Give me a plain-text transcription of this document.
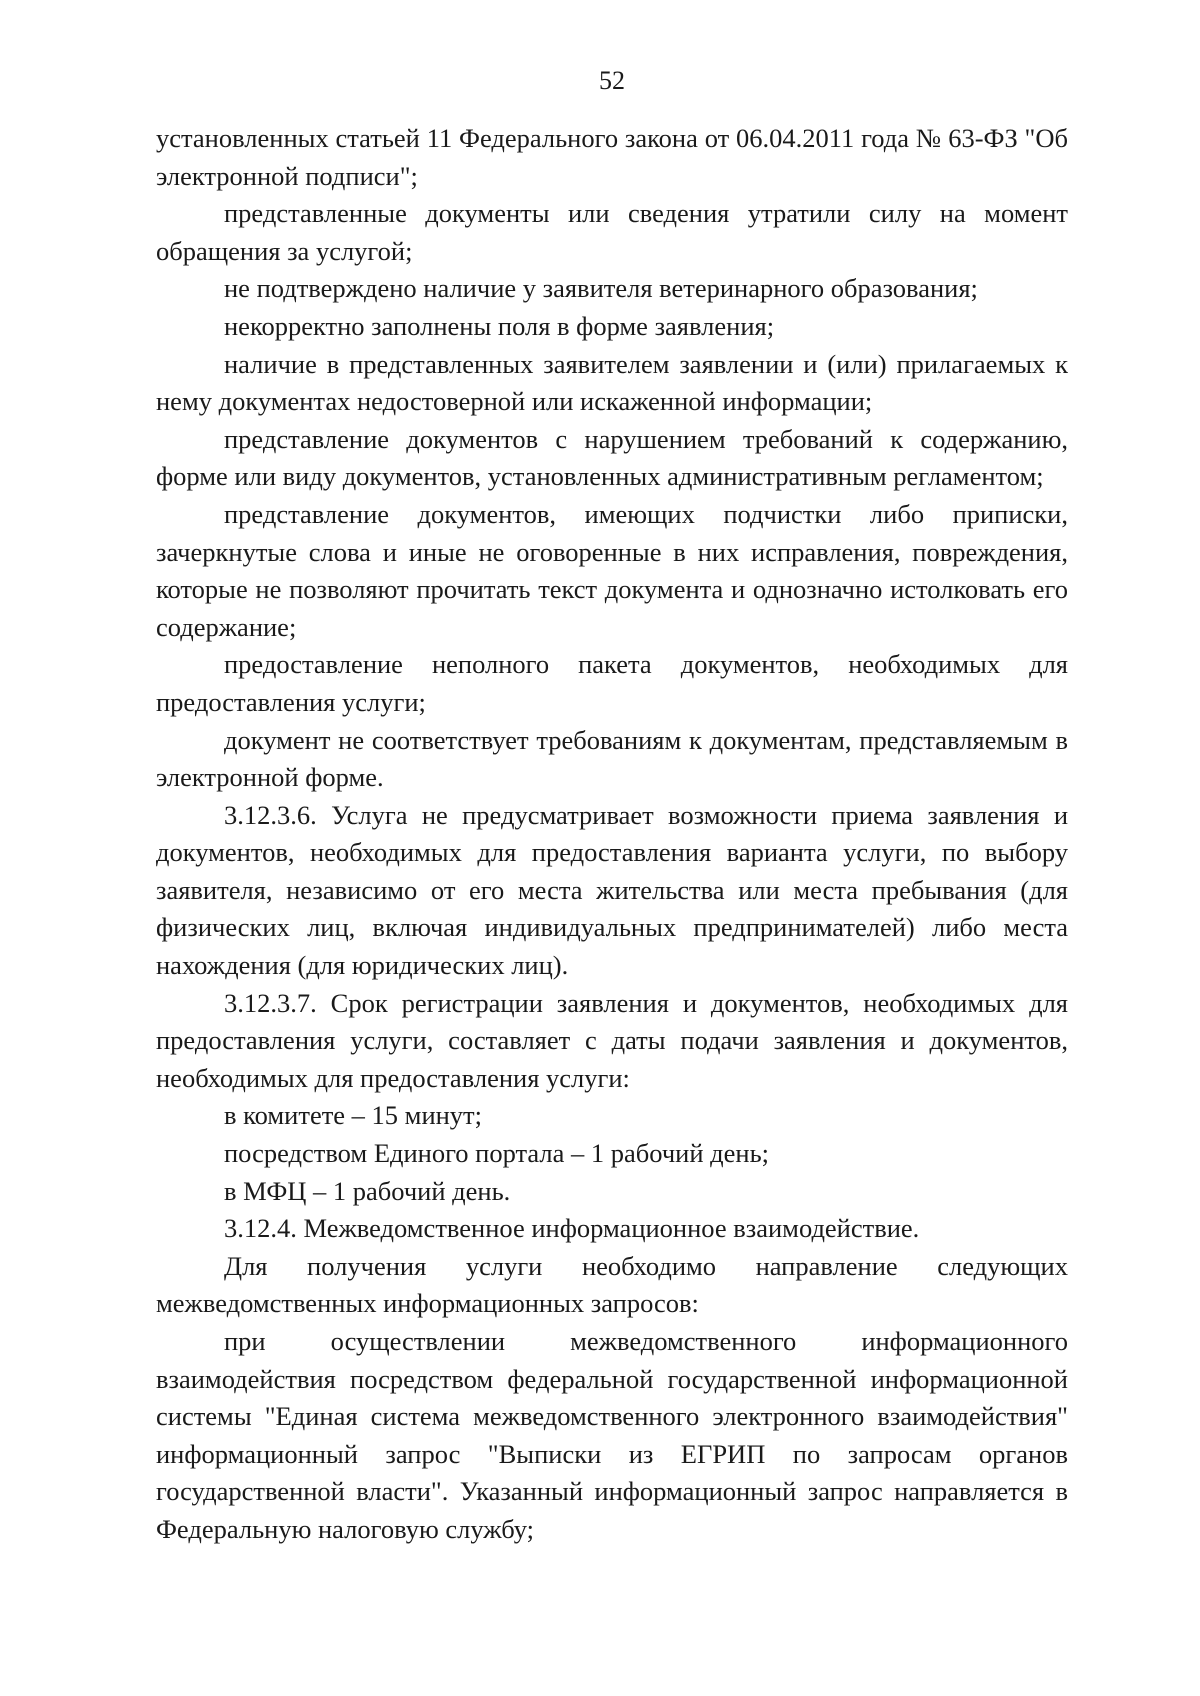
52

установленных статьей 11 Федерального закона от 06.04.2011 года № 63-ФЗ "Об электронной подписи";

представленные документы или сведения утратили силу на момент обращения за услугой;

не подтверждено наличие у заявителя ветеринарного образования;

некорректно заполнены поля в форме заявления;

наличие в представленных заявителем заявлении и (или) прилагаемых к нему документах недостоверной или искаженной информации;

представление документов с нарушением требований к содержанию, форме или виду документов, установленных административным регламентом;

представление документов, имеющих подчистки либо приписки, зачеркнутые слова и иные не оговоренные в них исправления, повреждения, которые не позволяют прочитать текст документа и однозначно истолковать его содержание;

предоставление неполного пакета документов, необходимых для предоставления услуги;

документ не соответствует требованиям к документам, представляемым в электронной форме.

3.12.3.6. Услуга не предусматривает возможности приема заявления и документов, необходимых для предоставления варианта услуги, по выбору заявителя, независимо от его места жительства или места пребывания (для физических лиц, включая индивидуальных предпринимателей) либо места нахождения (для юридических лиц).

3.12.3.7. Срок регистрации заявления и документов, необходимых для предоставления услуги, составляет с даты подачи заявления и документов, необходимых для предоставления услуги:

в комитете – 15 минут;

посредством Единого портала – 1 рабочий день;

в МФЦ – 1 рабочий день.

3.12.4. Межведомственное информационное взаимодействие.

Для получения услуги необходимо направление следующих межведомственных информационных запросов:

при осуществлении межведомственного информационного взаимодействия посредством федеральной государственной информационной системы "Единая система межведомственного электронного взаимодействия" информационный запрос "Выписки из ЕГРИП по запросам органов государственной власти". Указанный информационный запрос направляется в Федеральную налоговую службу;
